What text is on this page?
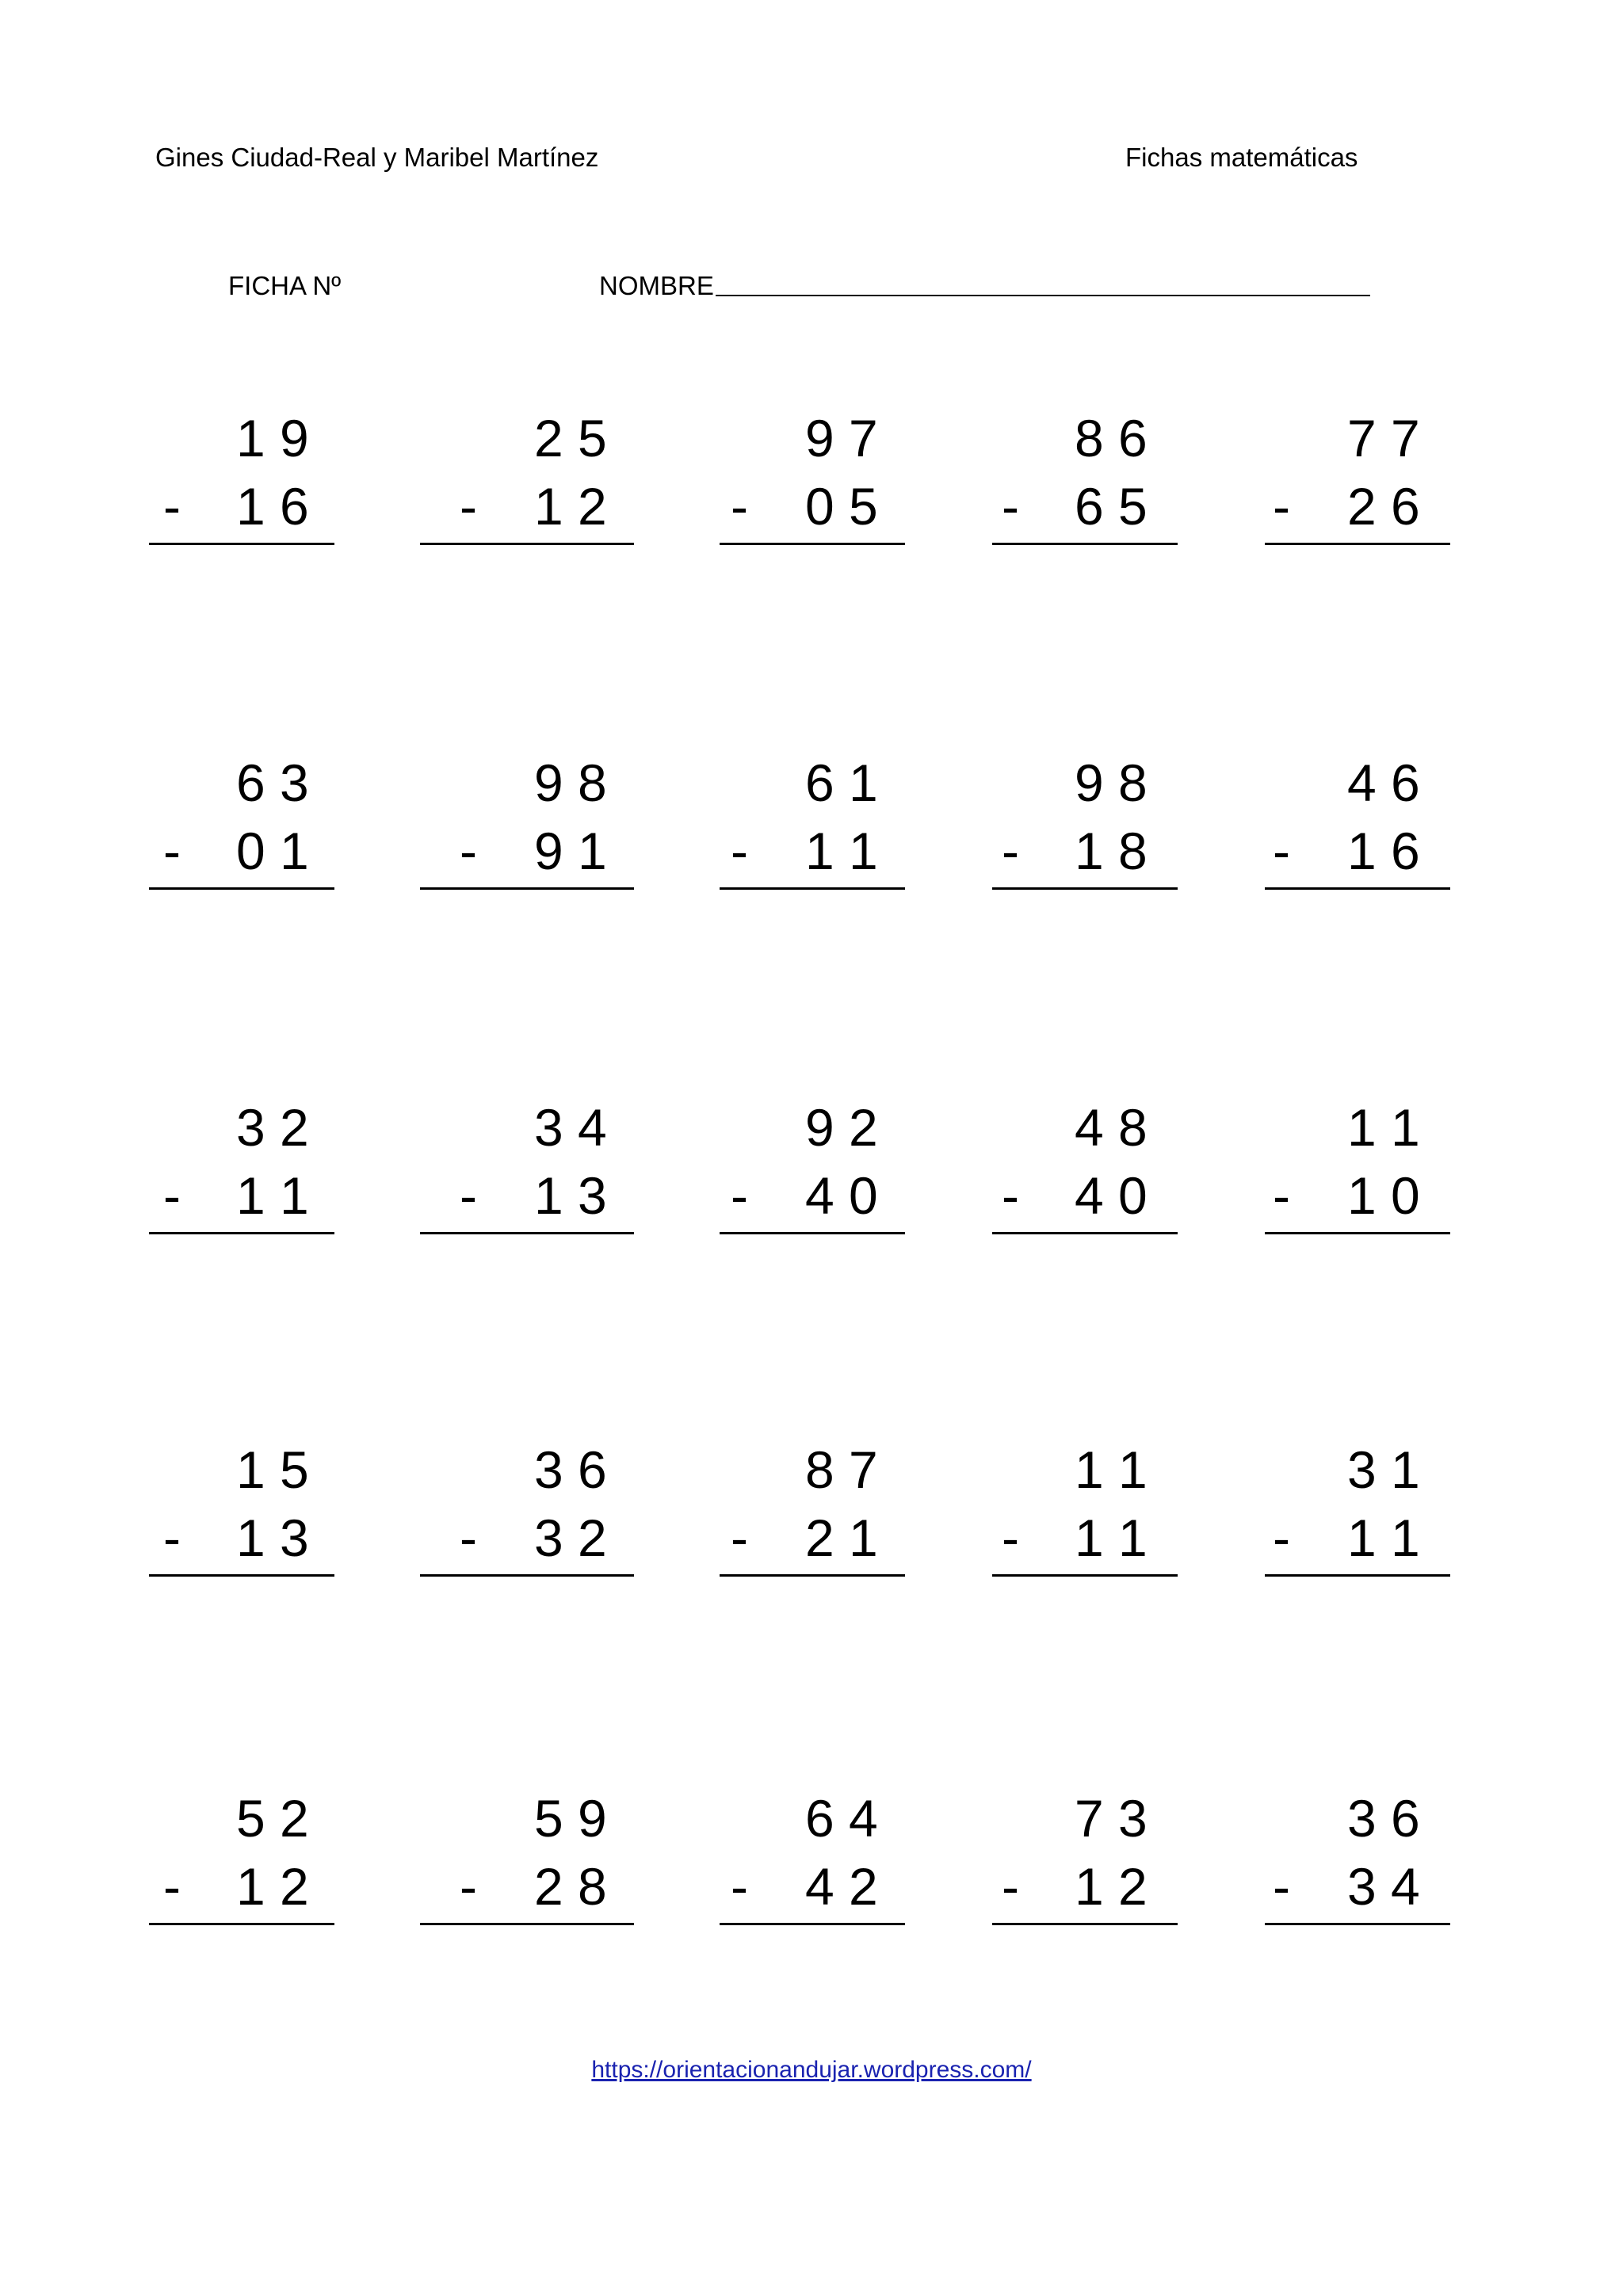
Gines Ciudad-Real y Maribel Martínez	Fichas matemáticas
FICHA Nº	NOMBRE
1 9
- 1 6
2 5
- 1 2
9 7
- 0 5
8 6
- 6 5
7 7
- 2 6
6 3
- 0 1
9 8
- 9 1
6 1
- 1 1
9 8
- 1 8
4 6
- 1 6
3 2
- 1 1
3 4
- 1 3
9 2
- 4 0
4 8
- 4 0
1 1
- 1 0
1 5
- 1 3
3 6
- 3 2
8 7
- 2 1
1 1
- 1 1
3 1
- 1 1
5 2
- 1 2
5 9
- 2 8
6 4
- 4 2
7 3
- 1 2
3 6
- 3 4
https://orientacionandujar.wordpress.com/
